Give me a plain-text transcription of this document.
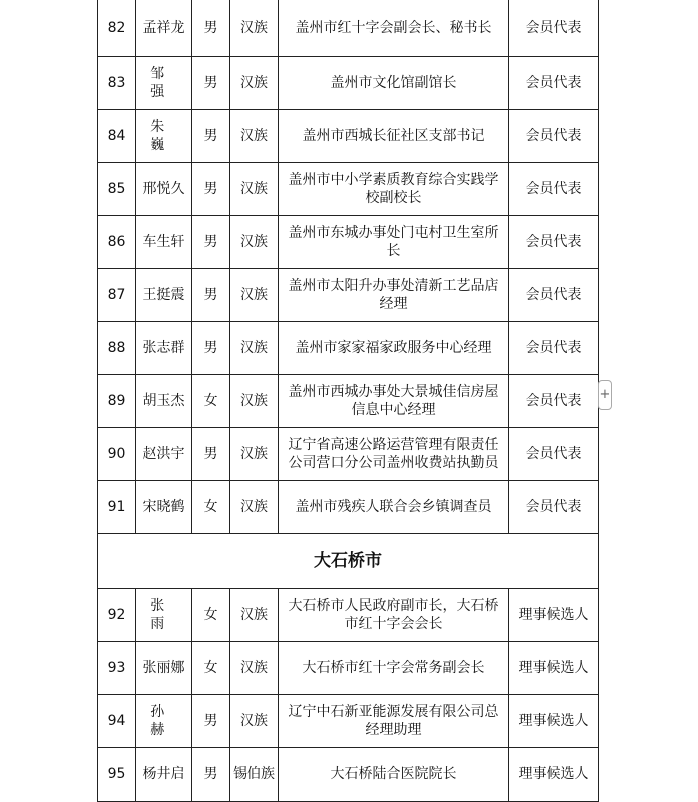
82	孟祥龙	男	汉族	盖州市红十字会副会长、秘书长	会员代表
83	邹强	男	汉族	盖州市文化馆副馆长	会员代表
84	朱巍	男	汉族	盖州市西城长征社区支部书记	会员代表
85	邢悦久	男	汉族	盖州市中小学素质教育综合实践学校副校长	会员代表
86	车生轩	男	汉族	盖州市东城办事处门屯村卫生室所长	会员代表
87	王挺震	男	汉族	盖州市太阳升办事处清新工艺品店经理	会员代表
88	张志群	男	汉族	盖州市家家福家政服务中心经理	会员代表
89	胡玉杰	女	汉族	盖州市西城办事处大景城佳信房屋信息中心经理	会员代表
90	赵洪宇	男	汉族	辽宁省高速公路运营管理有限责任公司营口分公司盖州收费站执勤员	会员代表
91	宋晓鹤	女	汉族	盖州市残疾人联合会乡镇调查员	会员代表
大石桥市					
92	张雨	女	汉族	大石桥市人民政府副市长，大石桥市红十字会会长	理事候选人
93	张丽娜	女	汉族	大石桥市红十字会常务副会长	理事候选人
94	孙赫	男	汉族	辽宁中石新亚能源发展有限公司总经理助理	理事候选人
95	杨井启	男	锡伯族	大石桥陆合医院院长	理事候选人
+
